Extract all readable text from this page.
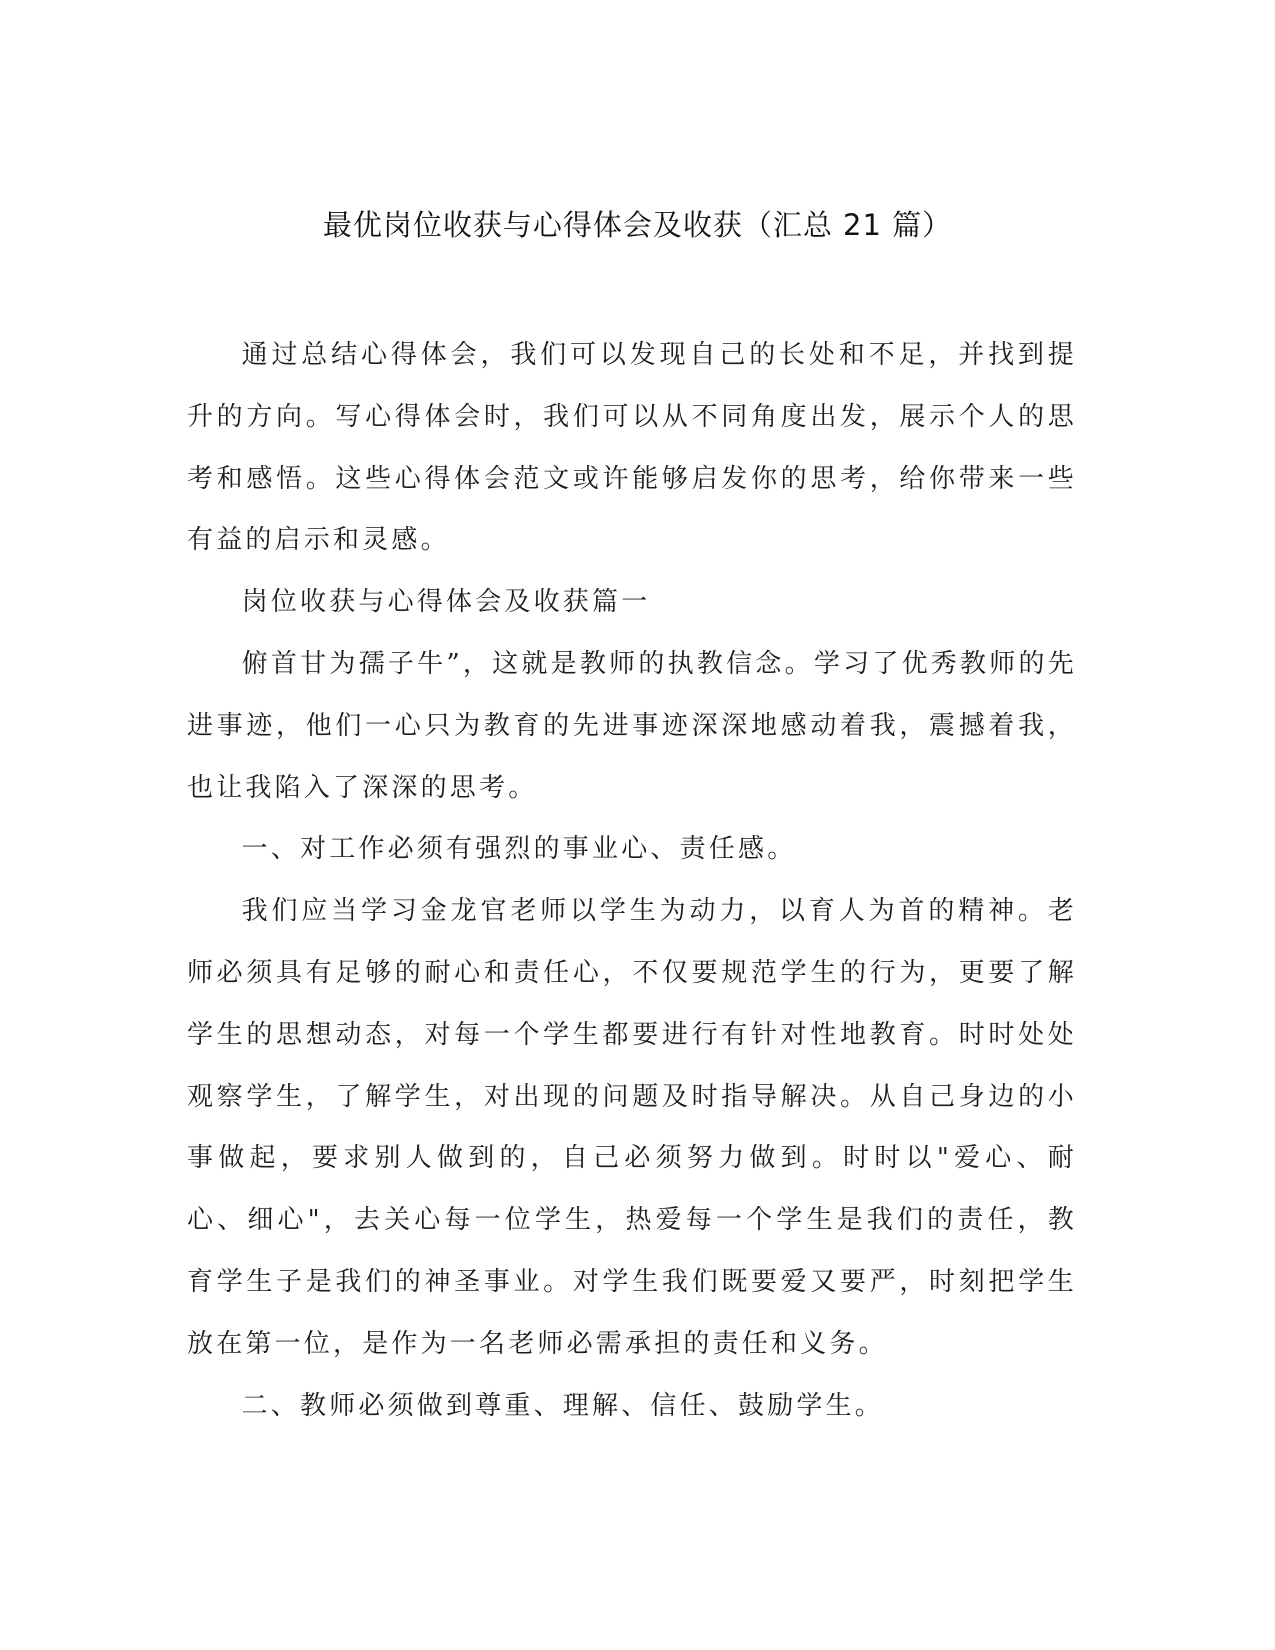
最优岗位收获与心得体会及收获（汇总 21 篇）

通过总结心得体会，我们可以发现自己的长处和不足，并找到提升的方向。写心得体会时，我们可以从不同角度出发，展示个人的思考和感悟。这些心得体会范文或许能够启发你的思考，给你带来一些有益的启示和灵感。

岗位收获与心得体会及收获篇一

俯首甘为孺子牛”，这就是教师的执教信念。学习了优秀教师的先进事迹，他们一心只为教育的先进事迹深深地感动着我，震撼着我，也让我陷入了深深的思考。

一、对工作必须有强烈的事业心、责任感。

我们应当学习金龙官老师以学生为动力，以育人为首的精神。老师必须具有足够的耐心和责任心，不仅要规范学生的行为，更要了解学生的思想动态，对每一个学生都要进行有针对性地教育。时时处处观察学生，了解学生，对出现的问题及时指导解决。从自己身边的小事做起，要求别人做到的，自己必须努力做到。时时以"爱心、耐心、细心"，去关心每一位学生，热爱每一个学生是我们的责任，教育学生子是我们的神圣事业。对学生我们既要爱又要严，时刻把学生放在第一位，是作为一名老师必需承担的责任和义务。

二、教师必须做到尊重、理解、信任、鼓励学生。
